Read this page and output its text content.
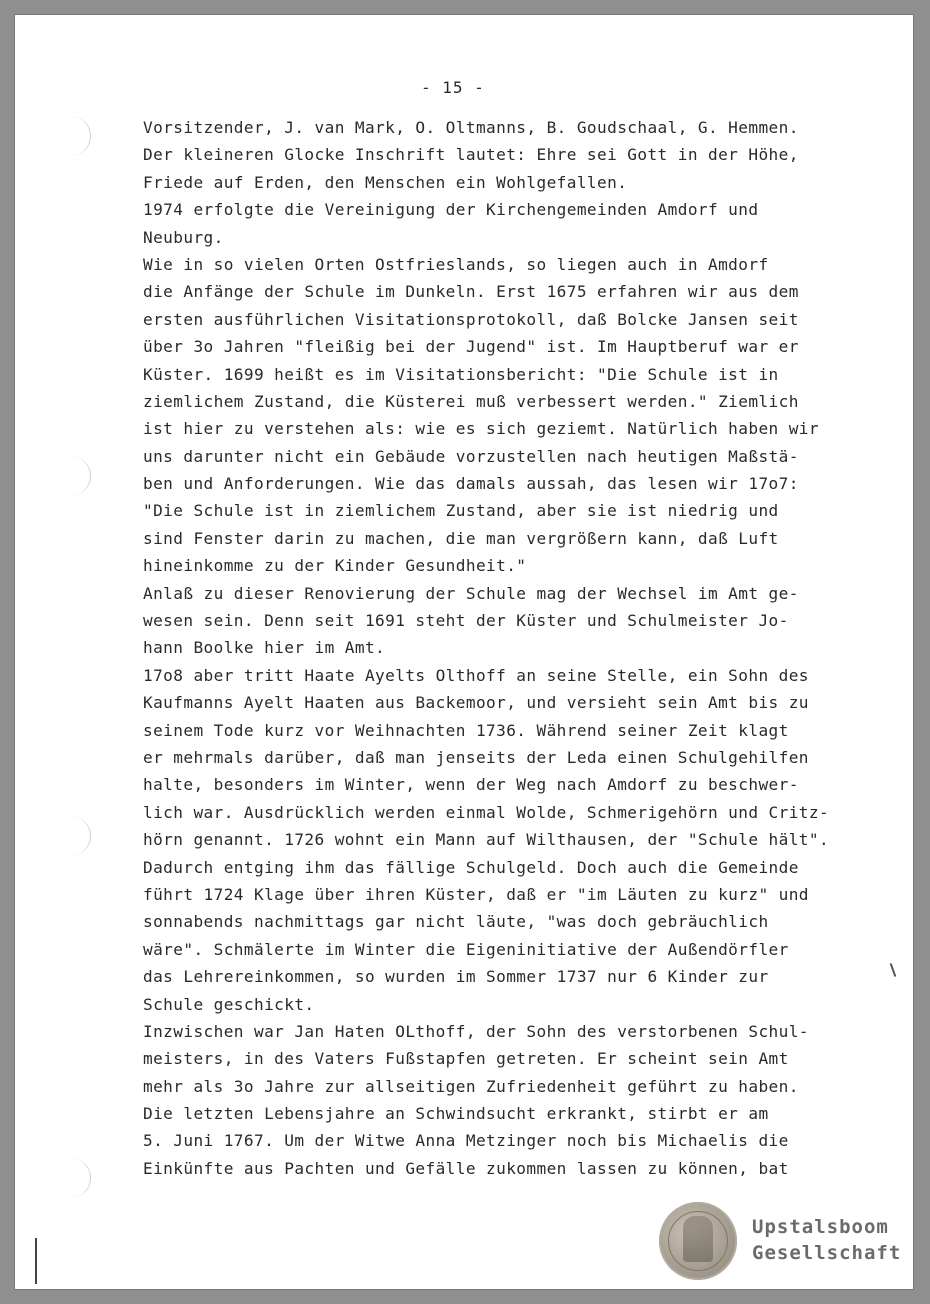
- 15 -
Vorsitzender, J. van Mark, O. Oltmanns, B. Goudschaal, G. Hemmen.
Der kleineren Glocke Inschrift lautet: Ehre sei Gott in der Höhe,
Friede auf Erden, den Menschen ein Wohlgefallen.
1974 erfolgte die Vereinigung der Kirchengemeinden Amdorf und
Neuburg.
Wie in so vielen Orten Ostfrieslands, so liegen auch in Amdorf
die Anfänge der Schule im Dunkeln. Erst 1675 erfahren wir aus dem
ersten ausführlichen Visitationsprotokoll, daß Bolcke Jansen seit
über 3o Jahren "fleißig bei der Jugend" ist. Im Hauptberuf war er
Küster. 1699 heißt es im Visitationsbericht: "Die Schule ist in
ziemlichem Zustand, die Küsterei muß verbessert werden." Ziemlich
ist hier zu verstehen als: wie es sich geziemt. Natürlich haben wir
uns darunter nicht ein Gebäude vorzustellen nach heutigen Maßstä-
ben und Anforderungen. Wie das damals aussah, das lesen wir 17o7:
"Die Schule ist in ziemlichem Zustand, aber sie ist niedrig und
sind Fenster darin zu machen, die man vergrößern kann, daß Luft
hineinkomme zu der Kinder Gesundheit."
Anlaß zu dieser Renovierung der Schule mag der Wechsel im Amt ge-
wesen sein. Denn seit 1691 steht der Küster und Schulmeister Jo-
hann Boolke hier im Amt.
17o8 aber tritt Haate Ayelts Olthoff an seine Stelle, ein Sohn des
Kaufmanns Ayelt Haaten aus Backemoor, und versieht sein Amt bis zu
seinem Tode kurz vor Weihnachten 1736. Während seiner Zeit klagt
er mehrmals darüber, daß man jenseits der Leda einen Schulgehilfen
halte, besonders im Winter, wenn der Weg nach Amdorf zu beschwer-
lich war. Ausdrücklich werden einmal Wolde, Schmerigehörn und Critz-
hörn genannt. 1726 wohnt ein Mann auf Wilthausen, der "Schule hält".
Dadurch entging ihm das fällige Schulgeld. Doch auch die Gemeinde
führt 1724 Klage über ihren Küster, daß er "im Läuten zu kurz" und
sonnabends nachmittags gar nicht läute, "was doch gebräuchlich
wäre". Schmälerte im Winter die Eigeninitiative der Außendörfler
das Lehrereinkommen, so wurden im Sommer 1737 nur 6 Kinder zur
Schule geschickt.
Inzwischen war Jan Haten OLthoff, der Sohn des verstorbenen Schul-
meisters, in des Vaters Fußstapfen getreten. Er scheint sein Amt
mehr als 3o Jahre zur allseitigen Zufriedenheit geführt zu haben.
Die letzten Lebensjahre an Schwindsucht erkrankt, stirbt er am
5. Juni 1767. Um der Witwe Anna Metzinger noch bis Michaelis die
Einkünfte aus Pachten und Gefälle zukommen lassen zu können, bat
Upstalsboom
Gesellschaft
